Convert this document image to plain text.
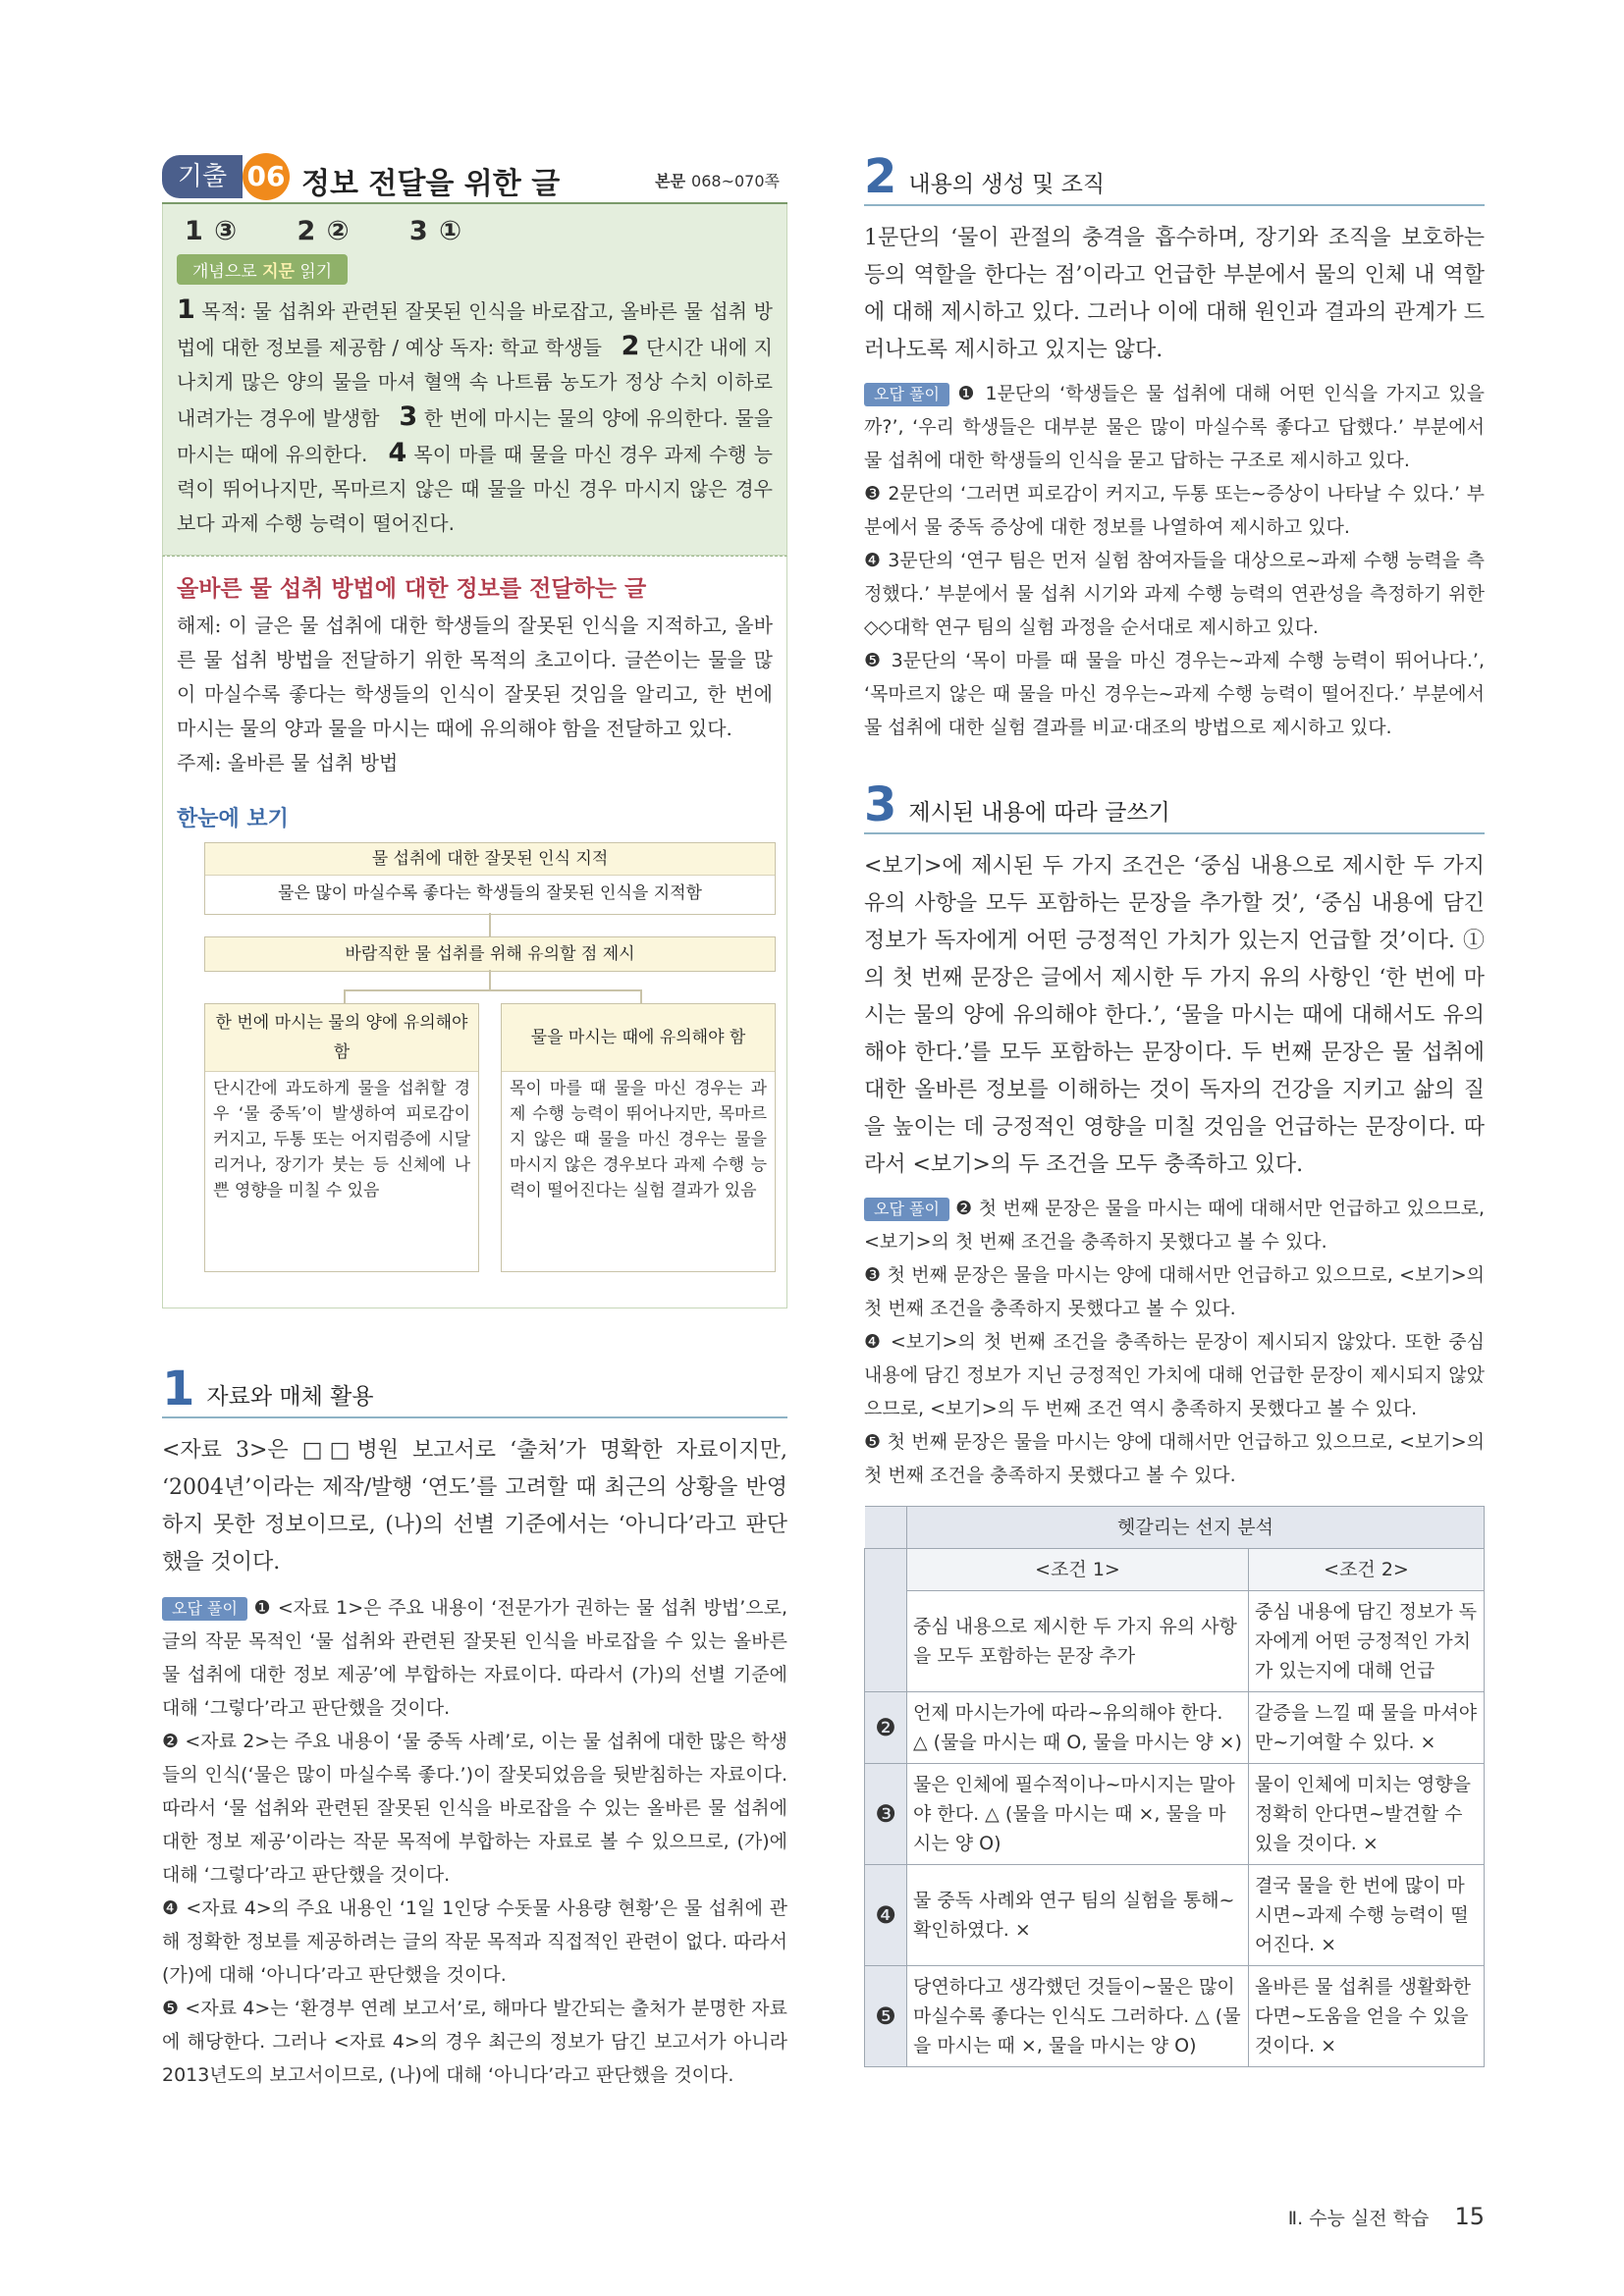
기출 06 정보 전달을 위한 글	본문 068~070쪽
1 ③ 2 ② 3 ①
개념으로 지문 읽기
1 목적: 물 섭취와 관련된 잘못된 인식을 바로잡고, 올바른 물 섭취 방법에 대한 정보를 제공함 / 예상 독자: 학교 학생들 2 단시간 내에 지나치게 많은 양의 물을 마셔 혈액 속 나트륨 농도가 정상 수치 이하로 내려가는 경우에 발생함 3 한 번에 마시는 물의 양에 유의한다. 물을 마시는 때에 유의한다. 4 목이 마를 때 물을 마신 경우 과제 수행 능력이 뛰어나지만, 목마르지 않은 때 물을 마신 경우 마시지 않은 경우보다 과제 수행 능력이 떨어진다.
올바른 물 섭취 방법에 대한 정보를 전달하는 글
해제: 이 글은 물 섭취에 대한 학생들의 잘못된 인식을 지적하고, 올바른 물 섭취 방법을 전달하기 위한 목적의 초고이다. 글쓴이는 물을 많이 마실수록 좋다는 학생들의 인식이 잘못된 것임을 알리고, 한 번에 마시는 물의 양과 물을 마시는 때에 유의해야 함을 전달하고 있다.
주제: 올바른 물 섭취 방법
한눈에 보기
물 섭취에 대한 잘못된 인식 지적
물은 많이 마실수록 좋다는 학생들의 잘못된 인식을 지적함
바람직한 물 섭취를 위해 유의할 점 제시
한 번에 마시는 물의 양에 유의해야 함
단시간에 과도하게 물을 섭취할 경우 ‘물 중독’이 발생하여 피로감이 커지고, 두통 또는 어지럼증에 시달리거나, 장기가 붓는 등 신체에 나쁜 영향을 미칠 수 있음
물을 마시는 때에 유의해야 함
목이 마를 때 물을 마신 경우는 과제 수행 능력이 뛰어나지만, 목마르지 않은 때 물을 마신 경우는 물을 마시지 않은 경우보다 과제 수행 능력이 떨어진다는 실험 결과가 있음
1 자료와 매체 활용
<자료 3>은 □□병원 보고서로 ‘출처’가 명확한 자료이지만, ‘2004년’이라는 제작/발행 ‘연도’를 고려할 때 최근의 상황을 반영하지 못한 정보이므로, (나)의 선별 기준에서는 ‘아니다’라고 판단했을 것이다.
오답 풀이 ❶ <자료 1>은 주요 내용이 ‘전문가가 권하는 물 섭취 방법’으로, 글의 작문 목적인 ‘물 섭취와 관련된 잘못된 인식을 바로잡을 수 있는 올바른 물 섭취에 대한 정보 제공’에 부합하는 자료이다. 따라서 (가)의 선별 기준에 대해 ‘그렇다’라고 판단했을 것이다.
❷ <자료 2>는 주요 내용이 ‘물 중독 사례’로, 이는 물 섭취에 대한 많은 학생들의 인식(‘물은 많이 마실수록 좋다.’)이 잘못되었음을 뒷받침하는 자료이다. 따라서 ‘물 섭취와 관련된 잘못된 인식을 바로잡을 수 있는 올바른 물 섭취에 대한 정보 제공’이라는 작문 목적에 부합하는 자료로 볼 수 있으므로, (가)에 대해 ‘그렇다’라고 판단했을 것이다.
❹ <자료 4>의 주요 내용인 ‘1일 1인당 수돗물 사용량 현황’은 물 섭취에 관해 정확한 정보를 제공하려는 글의 작문 목적과 직접적인 관련이 없다. 따라서 (가)에 대해 ‘아니다’라고 판단했을 것이다.
❺ <자료 4>는 ‘환경부 연례 보고서’로, 해마다 발간되는 출처가 분명한 자료에 해당한다. 그러나 <자료 4>의 경우 최근의 정보가 담긴 보고서가 아니라 2013년도의 보고서이므로, (나)에 대해 ‘아니다’라고 판단했을 것이다.
2 내용의 생성 및 조직
1문단의 ‘물이 관절의 충격을 흡수하며, 장기와 조직을 보호하는 등의 역할을 한다는 점’이라고 언급한 부분에서 물의 인체 내 역할에 대해 제시하고 있다. 그러나 이에 대해 원인과 결과의 관계가 드러나도록 제시하고 있지는 않다.
오답 풀이 ❶ 1문단의 ‘학생들은 물 섭취에 대해 어떤 인식을 가지고 있을까?’, ‘우리 학생들은 대부분 물은 많이 마실수록 좋다고 답했다.’ 부분에서 물 섭취에 대한 학생들의 인식을 묻고 답하는 구조로 제시하고 있다.
❸ 2문단의 ‘그러면 피로감이 커지고, 두통 또는~증상이 나타날 수 있다.’ 부분에서 물 중독 증상에 대한 정보를 나열하여 제시하고 있다.
❹ 3문단의 ‘연구 팀은 먼저 실험 참여자들을 대상으로~과제 수행 능력을 측정했다.’ 부분에서 물 섭취 시기와 과제 수행 능력의 연관성을 측정하기 위한 ◇◇대학 연구 팀의 실험 과정을 순서대로 제시하고 있다.
❺ 3문단의 ‘목이 마를 때 물을 마신 경우는~과제 수행 능력이 뛰어나다.’, ‘목마르지 않은 때 물을 마신 경우는~과제 수행 능력이 떨어진다.’ 부분에서 물 섭취에 대한 실험 결과를 비교·대조의 방법으로 제시하고 있다.
3 제시된 내용에 따라 글쓰기
<보기>에 제시된 두 가지 조건은 ‘중심 내용으로 제시한 두 가지 유의 사항을 모두 포함하는 문장을 추가할 것’, ‘중심 내용에 담긴 정보가 독자에게 어떤 긍정적인 가치가 있는지 언급할 것’이다. ①의 첫 번째 문장은 글에서 제시한 두 가지 유의 사항인 ‘한 번에 마시는 물의 양에 유의해야 한다.’, ‘물을 마시는 때에 대해서도 유의해야 한다.’를 모두 포함하는 문장이다. 두 번째 문장은 물 섭취에 대한 올바른 정보를 이해하는 것이 독자의 건강을 지키고 삶의 질을 높이는 데 긍정적인 영향을 미칠 것임을 언급하는 문장이다. 따라서 <보기>의 두 조건을 모두 충족하고 있다.
오답 풀이 ❷ 첫 번째 문장은 물을 마시는 때에 대해서만 언급하고 있으므로, <보기>의 첫 번째 조건을 충족하지 못했다고 볼 수 있다.
❸ 첫 번째 문장은 물을 마시는 양에 대해서만 언급하고 있으므로, <보기>의 첫 번째 조건을 충족하지 못했다고 볼 수 있다.
❹ <보기>의 첫 번째 조건을 충족하는 문장이 제시되지 않았다. 또한 중심 내용에 담긴 정보가 지닌 긍정적인 가치에 대해 언급한 문장이 제시되지 않았으므로, <보기>의 두 번째 조건 역시 충족하지 못했다고 볼 수 있다.
❺ 첫 번째 문장은 물을 마시는 양에 대해서만 언급하고 있으므로, <보기>의 첫 번째 조건을 충족하지 못했다고 볼 수 있다.
	헷갈리는 선지 분석	
	<조건 1>	<조건 2>
	중심 내용으로 제시한 두 가지 유의 사항을 모두 포함하는 문장 추가	중심 내용에 담긴 정보가 독자에게 어떤 긍정적인 가치가 있는지에 대해 언급
❷	언제 마시는가에 따라~유의해야 한다. △ (물을 마시는 때 O, 물을 마시는 양 ×)	갈증을 느낄 때 물을 마셔야만~기여할 수 있다. ×
❸	물은 인체에 필수적이나~마시지는 말아야 한다. △ (물을 마시는 때 ×, 물을 마시는 양 O)	물이 인체에 미치는 영향을 정확히 안다면~발견할 수 있을 것이다. ×
❹	물 중독 사례와 연구 팀의 실험을 통해~확인하였다. ×	결국 물을 한 번에 많이 마시면~과제 수행 능력이 떨어진다. ×
❺	당연하다고 생각했던 것들이~물은 많이 마실수록 좋다는 인식도 그러하다. △ (물을 마시는 때 ×, 물을 마시는 양 O)	올바른 물 섭취를 생활화한다면~도움을 얻을 수 있을 것이다. ×
Ⅱ. 수능 실전 학습 15
